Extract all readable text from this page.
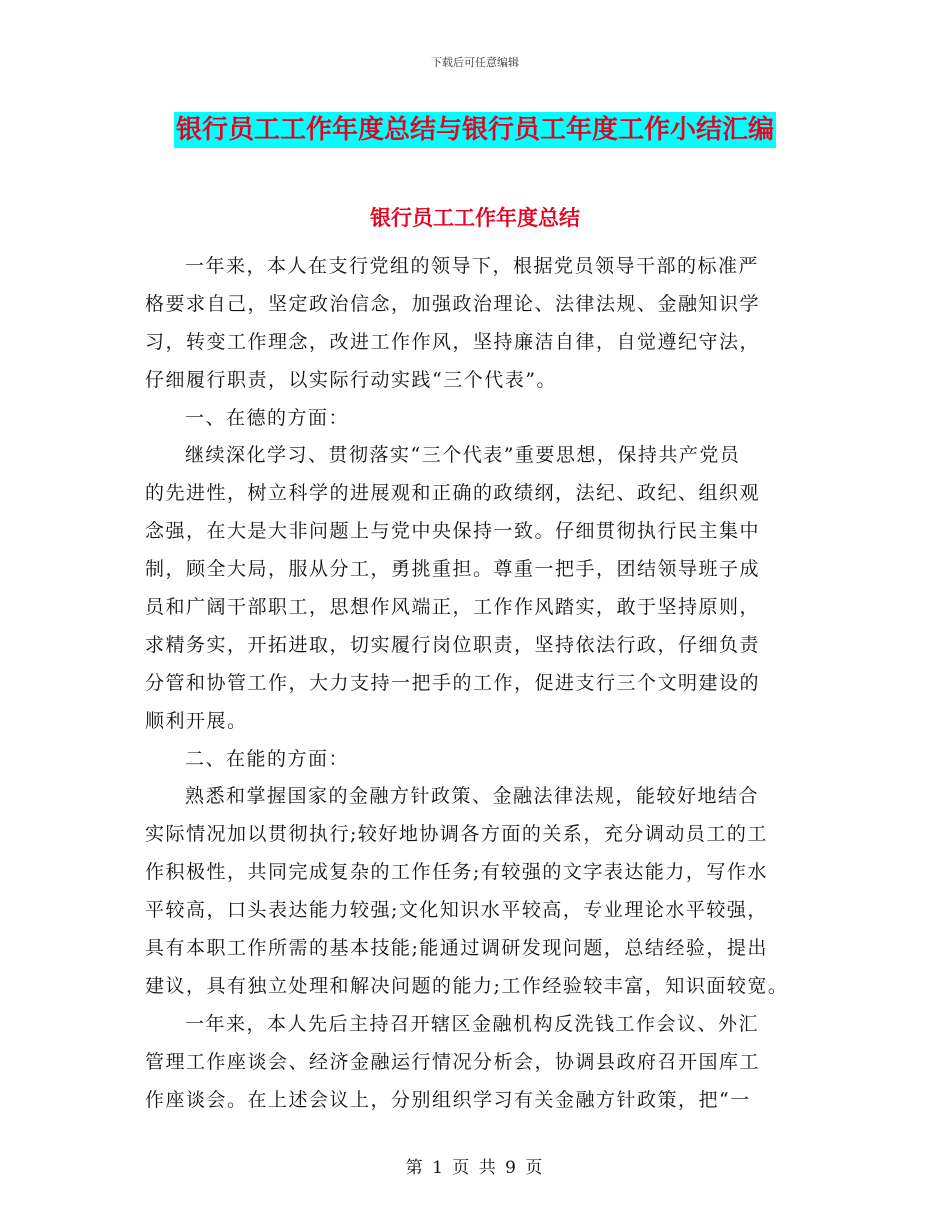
下载后可任意编辑
银行员工工作年度总结与银行员工年度工作小结汇编
银行员工工作年度总结
一年来，本人在支行党组的领导下，根据党员领导干部的标准严
格要求自己，坚定政治信念，加强政治理论、法律法规、金融知识学
习，转变工作理念，改进工作作风，坚持廉洁自律，自觉遵纪守法，
仔细履行职责，以实际行动实践“三个代表”。
一、在德的方面：
继续深化学习、贯彻落实“三个代表”重要思想，保持共产党员
的先进性，树立科学的进展观和正确的政绩纲，法纪、政纪、组织观
念强，在大是大非问题上与党中央保持一致。仔细贯彻执行民主集中
制，顾全大局，服从分工，勇挑重担。尊重一把手，团结领导班子成
员和广阔干部职工，思想作风端正，工作作风踏实，敢于坚持原则，
求精务实，开拓进取，切实履行岗位职责，坚持依法行政，仔细负责
分管和协管工作，大力支持一把手的工作，促进支行三个文明建设的
顺利开展。
二、在能的方面：
熟悉和掌握国家的金融方针政策、金融法律法规，能较好地结合
实际情况加以贯彻执行;较好地协调各方面的关系，充分调动员工的工
作积极性，共同完成复杂的工作任务;有较强的文字表达能力，写作水
平较高，口头表达能力较强;文化知识水平较高，专业理论水平较强，
具有本职工作所需的基本技能;能通过调研发现问题，总结经验，提出
建议，具有独立处理和解决问题的能力;工作经验较丰富，知识面较宽。
一年来，本人先后主持召开辖区金融机构反洗钱工作会议、外汇
管理工作座谈会、经济金融运行情况分析会，协调县政府召开国库工
作座谈会。在上述会议上，分别组织学习有关金融方针政策，把“一
第 1 页 共 9 页
